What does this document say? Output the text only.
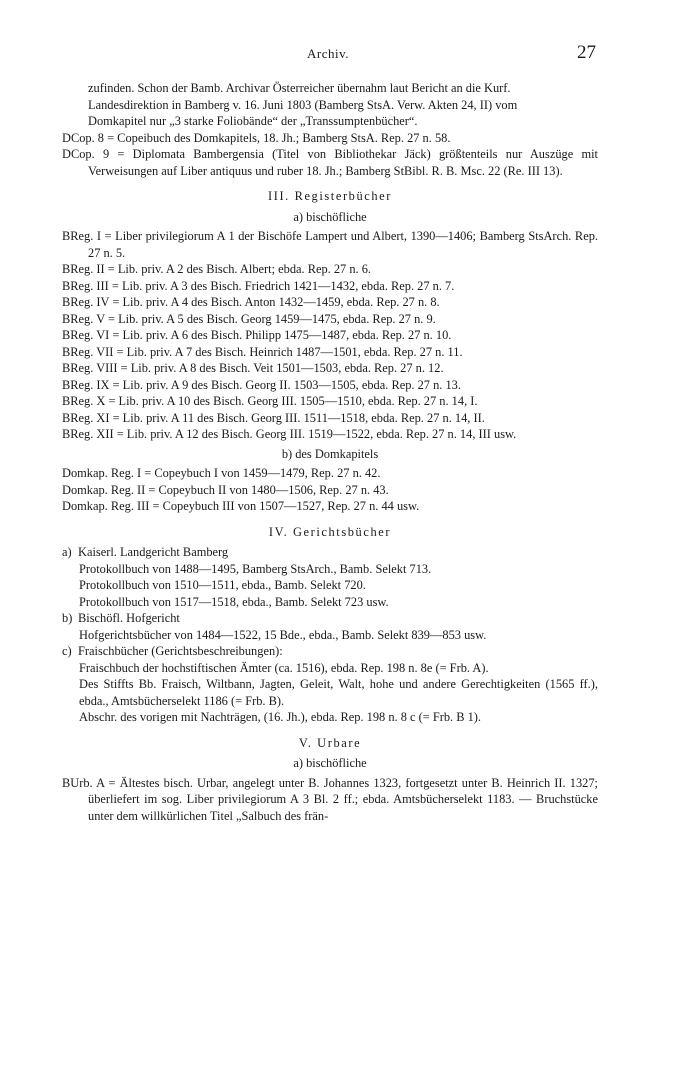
Archiv.	27

zufinden. Schon der Bamb. Archivar Österreicher übernahm laut Bericht an die Kurf.

Landesdirektion in Bamberg v. 16. Juni 1803 (Bamberg StsA. Verw. Akten 24, II) vom

Domkapitel nur „3 starke Foliobände“ der „Transsumptenbücher“.

DCop. 8 = Copeibuch des Domkapitels, 18. Jh.; Bamberg StsA. Rep. 27 n. 58.

DCop. 9 = Diplomata Bambergensia (Titel von Bibliothekar Jäck) größtenteils nur Auszüge mit Verweisungen auf Liber antiquus und ruber 18. Jh.; Bamberg StBibl. R. B. Msc. 22 (Re. III 13).

III. Registerbücher
a) bischöfliche

BReg. I = Liber privilegiorum A 1 der Bischöfe Lampert und Albert, 1390—1406; Bamberg StsArch. Rep. 27 n. 5.

BReg. II = Lib. priv. A 2 des Bisch. Albert; ebda. Rep. 27 n. 6.

BReg. III = Lib. priv. A 3 des Bisch. Friedrich 1421—1432, ebda. Rep. 27 n. 7.

BReg. IV = Lib. priv. A 4 des Bisch. Anton 1432—1459, ebda. Rep. 27 n. 8.

BReg. V = Lib. priv. A 5 des Bisch. Georg 1459—1475, ebda. Rep. 27 n. 9.

BReg. VI = Lib. priv. A 6 des Bisch. Philipp 1475—1487, ebda. Rep. 27 n. 10.

BReg. VII = Lib. priv. A 7 des Bisch. Heinrich 1487—1501, ebda. Rep. 27 n. 11.

BReg. VIII = Lib. priv. A 8 des Bisch. Veit 1501—1503, ebda. Rep. 27 n. 12.

BReg. IX = Lib. priv. A 9 des Bisch. Georg II. 1503—1505, ebda. Rep. 27 n. 13.

BReg. X = Lib. priv. A 10 des Bisch. Georg III. 1505—1510, ebda. Rep. 27 n. 14, I.

BReg. XI = Lib. priv. A 11 des Bisch. Georg III. 1511—1518, ebda. Rep. 27 n. 14, II.

BReg. XII = Lib. priv. A 12 des Bisch. Georg III. 1519—1522, ebda. Rep. 27 n. 14, III usw.

b) des Domkapitels

Domkap. Reg. I = Copeybuch I von 1459—1479, Rep. 27 n. 42.

Domkap. Reg. II = Copeybuch II von 1480—1506, Rep. 27 n. 43.

Domkap. Reg. III = Copeybuch III von 1507—1527, Rep. 27 n. 44 usw.

IV. Gerichtsbücher
a) Kaiserl. Landgericht Bamberg

Protokollbuch von 1488—1495, Bamberg StsArch., Bamb. Selekt 713.

Protokollbuch von 1510—1511, ebda., Bamb. Selekt 720.

Protokollbuch von 1517—1518, ebda., Bamb. Selekt 723 usw.

b) Bischöfl. Hofgericht

Hofgerichtsbücher von 1484—1522, 15 Bde., ebda., Bamb. Selekt 839—853 usw.

c) Fraischbücher (Gerichtsbeschreibungen):

Fraischbuch der hochstiftischen Ämter (ca. 1516), ebda. Rep. 198 n. 8e (= Frb. A).

Des Stiffts Bb. Fraisch, Wiltbann, Jagten, Geleit, Walt, hohe und andere Gerechtigkeiten (1565 ff.), ebda., Amtsbücherselekt 1186 (= Frb. B).

Abschr. des vorigen mit Nachträgen, (16. Jh.), ebda. Rep. 198 n. 8 c (= Frb. B 1).

V. Urbare
a) bischöfliche

BUrb. A = Ältestes bisch. Urbar, angelegt unter B. Johannes 1323, fortgesetzt unter B. Heinrich II. 1327; überliefert im sog. Liber privilegiorum A 3 Bl. 2 ff.; ebda. Amtsbücherselekt 1183. — Bruchstücke unter dem willkürlichen Titel „Salbuch des frän-
